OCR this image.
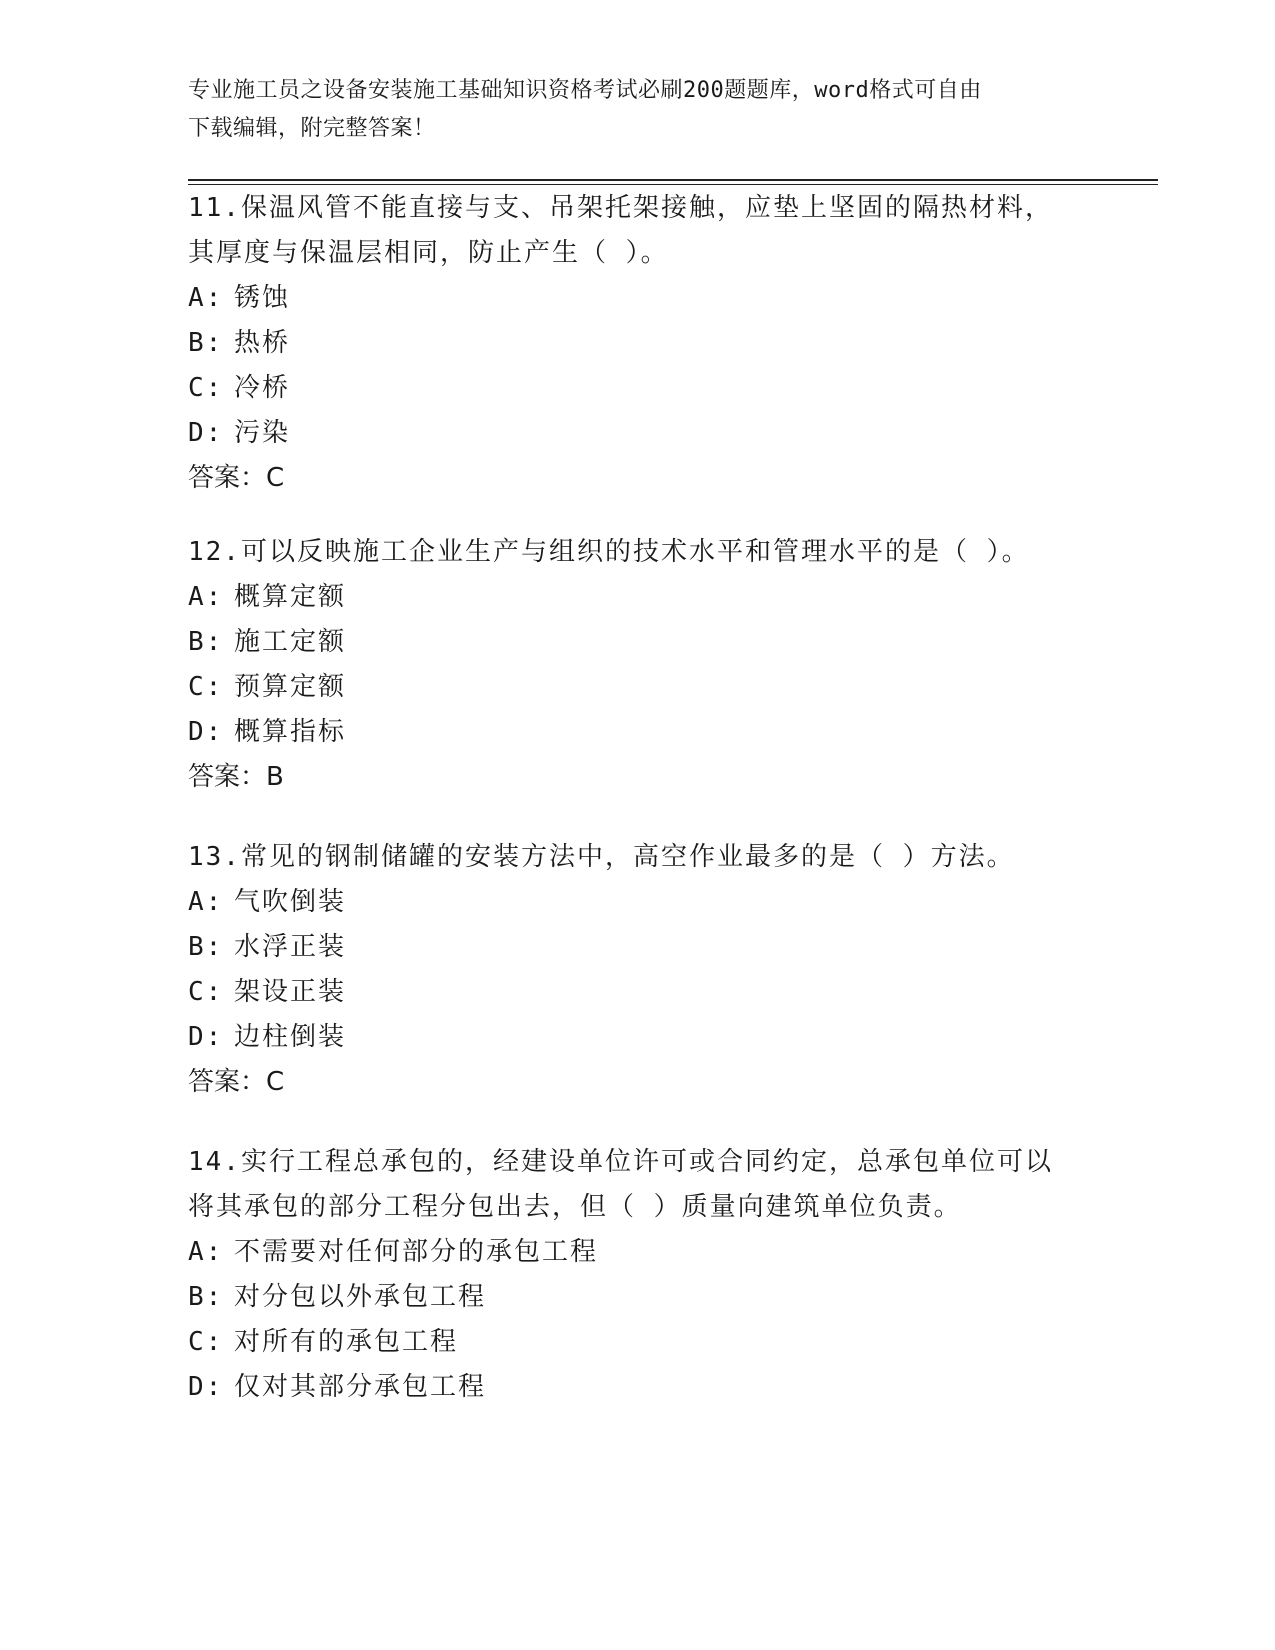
专业施工员之设备安装施工基础知识资格考试必刷200题题库，word格式可自由
下载编辑，附完整答案！
11.保温风管不能直接与支、吊架托架接触，应垫上坚固的隔热材料，
其厚度与保温层相同，防止产生（ ）。
A: 锈蚀
B: 热桥
C: 冷桥
D: 污染
答案：C
12.可以反映施工企业生产与组织的技术水平和管理水平的是（ ）。
A: 概算定额
B: 施工定额
C: 预算定额
D: 概算指标
答案：B
13.常见的钢制储罐的安装方法中，高空作业最多的是（ ）方法。
A: 气吹倒装
B: 水浮正装
C: 架设正装
D: 边柱倒装
答案：C
14.实行工程总承包的，经建设单位许可或合同约定，总承包单位可以
将其承包的部分工程分包出去，但（ ）质量向建筑单位负责。
A: 不需要对任何部分的承包工程
B: 对分包以外承包工程
C: 对所有的承包工程
D: 仅对其部分承包工程
